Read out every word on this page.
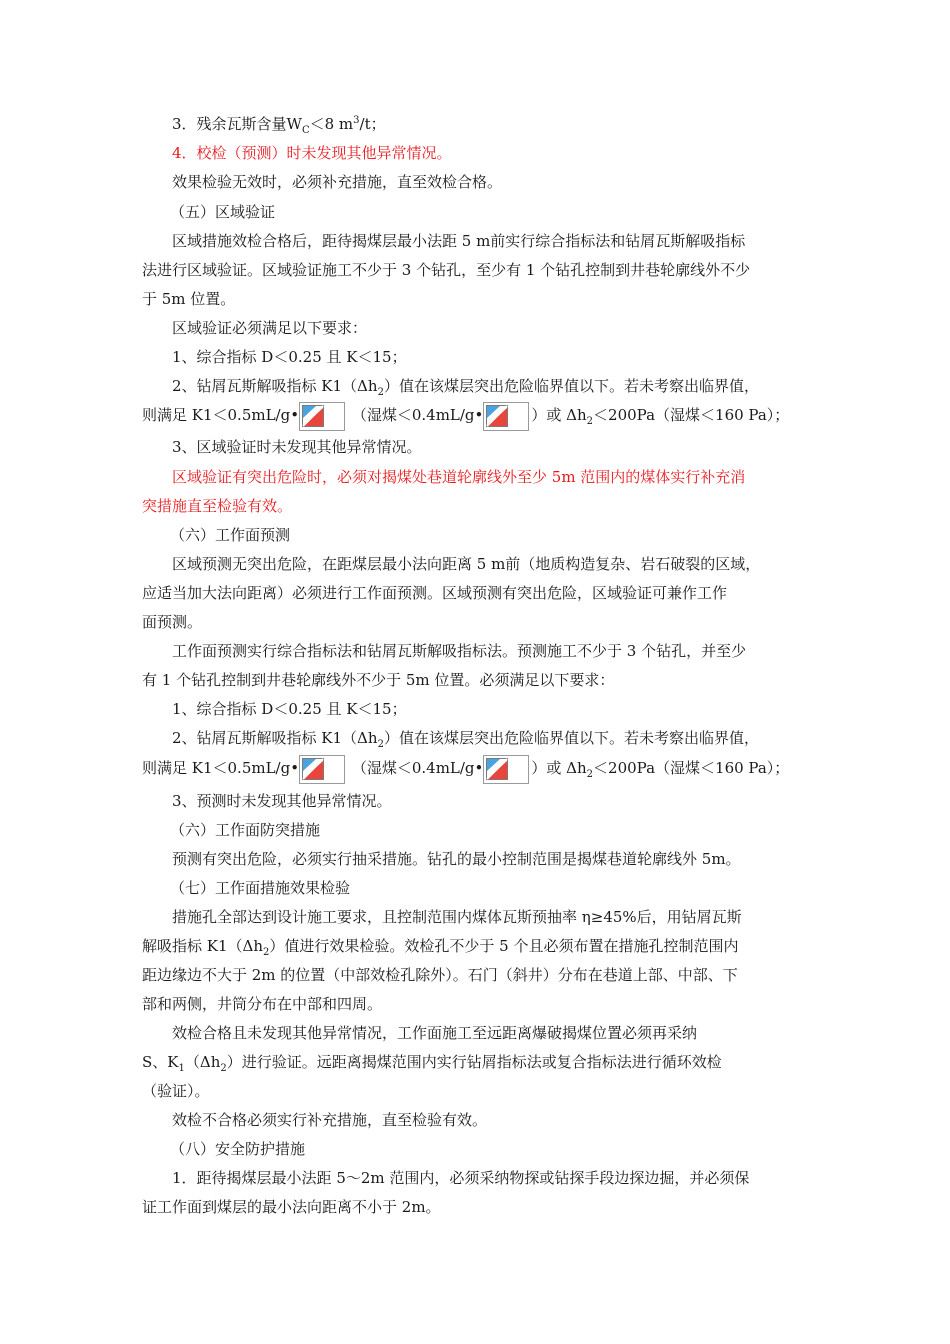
3．残余瓦斯含量$W_C<8$ $m^3/t$；

4．校检（预测）时未发现其他异常情况。

效果检验无效时，必须补充措施，直至效检合格。

（五）区域验证

区域措施效检合格后，距待揭煤层最小法距 5 m前实行综合指标法和钻屑瓦斯解吸指标

法进行区域验证。区域验证施工不少于 3 个钻孔，至少有 1 个钻孔控制到井巷轮廓线外不少

于 5m 位置。

区域验证必须满足以下要求：

1、综合指标 D＜0.25 且 K＜15；

2、钻屑瓦斯解吸指标 $K1(\Delta h_2)$值在该煤层突出危险临界值以下。若未考察出临界值，

则满足 K1＜0.5mL/g•	（湿煤＜0.4mL/g•	）或 $\Delta h_2<200Pa$（湿煤＜160 Pa）；

3、区域验证时未发现其他异常情况。

区域验证有突出危险时，必须对揭煤处巷道轮廓线外至少 5m 范围内的煤体实行补充消

突措施直至检验有效。

（六）工作面预测

区域预测无突出危险，在距煤层最小法向距离 5 m前（地质构造复杂、岩石破裂的区域，

应适当加大法向距离）必须进行工作面预测。区域预测有突出危险，区域验证可兼作工作

面预测。

工作面预测实行综合指标法和钻屑瓦斯解吸指标法。预测施工不少于 3 个钻孔，并至少

有 1 个钻孔控制到井巷轮廓线外不少于 5m 位置。必须满足以下要求：

1、综合指标 D＜0.25 且 K＜15；

2、钻屑瓦斯解吸指标 $K1(\Delta h_2)$值在该煤层突出危险临界值以下。若未考察出临界值，

则满足 K1＜0.5mL/g•	（湿煤＜0.4mL/g•	）或 $\Delta h_2<200Pa$（湿煤＜160 Pa）；

3、预测时未发现其他异常情况。

（六）工作面防突措施

预测有突出危险，必须实行抽采措施。钻孔的最小控制范围是揭煤巷道轮廓线外 5m。

（七）工作面措施效果检验

措施孔全部达到设计施工要求，且控制范围内煤体瓦斯预抽率 η≥45%后，用钻屑瓦斯

解吸指标 $K1(\Delta h_2)$值进行效果检验。效检孔不少于 5 个且必须布置在措施孔控制范围内

距边缘边不大于 2m 的位置（中部效检孔除外）。石门（斜井）分布在巷道上部、中部、下

部和两侧，井筒分布在中部和四周。

效检合格且未发现其他异常情况，工作面施工至远距离爆破揭煤位置必须再采纳

S、$K_1(\Delta h_2)$进行验证。远距离揭煤范围内实行钻屑指标法或复合指标法进行循环效检

（验证）。

效检不合格必须实行补充措施，直至检验有效。

（八）安全防护措施

1．距待揭煤层最小法距 5～2m 范围内，必须采纳物探或钻探手段边探边掘，并必须保

证工作面到煤层的最小法向距离不小于 2m。
